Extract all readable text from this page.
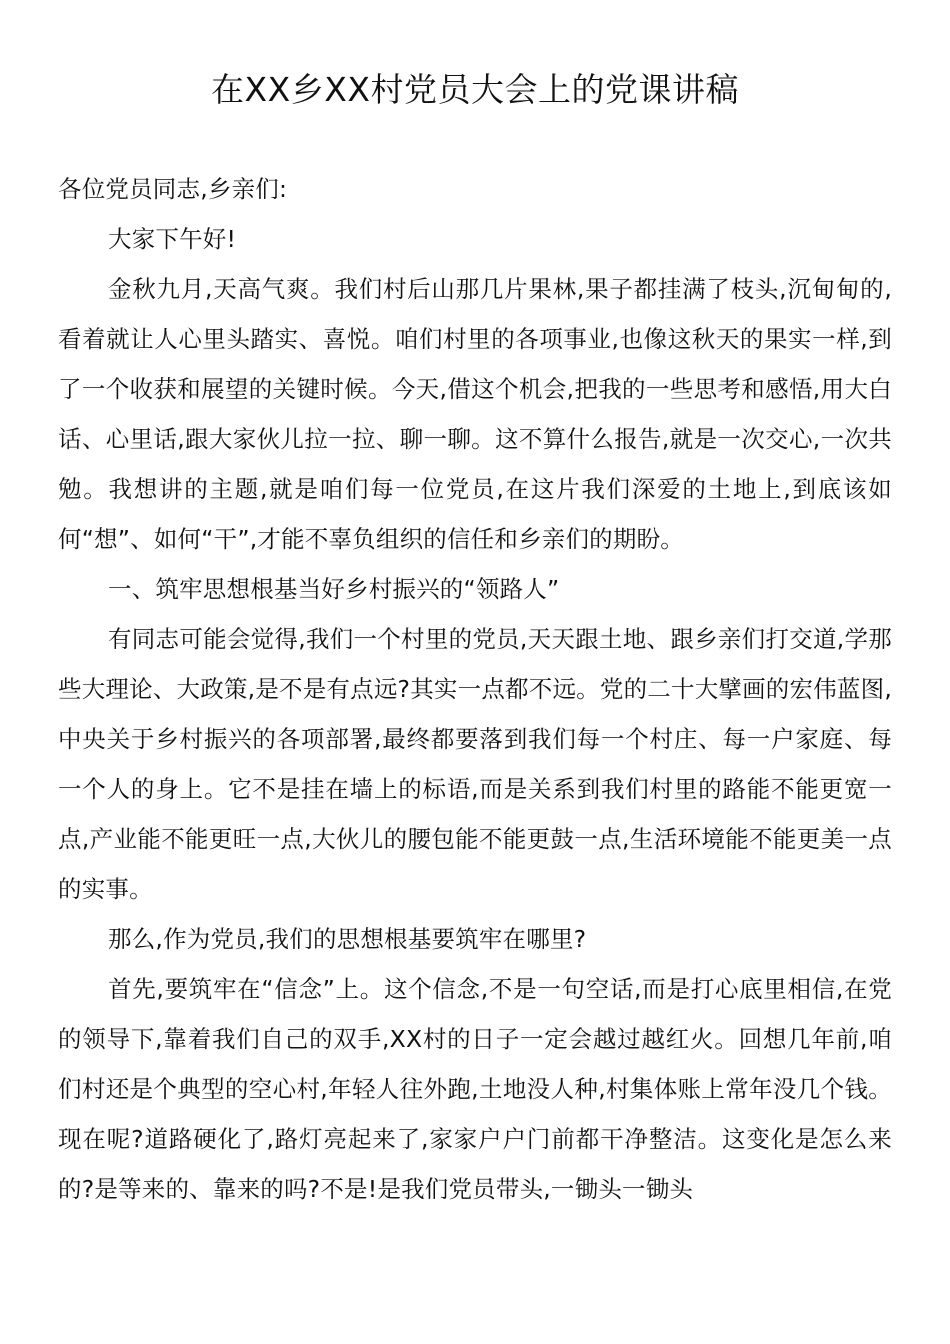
在XX乡XX村党员大会上的党课讲稿

各位党员同志,乡亲们:

大家下午好!

金秋九月,天高气爽。我们村后山那几片果林,果子都挂满了枝头,沉甸甸的,看着就让人心里头踏实、喜悦。咱们村里的各项事业,也像这秋天的果实一样,到了一个收获和展望的关键时候。今天,借这个机会,把我的一些思考和感悟,用大白话、心里话,跟大家伙儿拉一拉、聊一聊。这不算什么报告,就是一次交心,一次共勉。我想讲的主题,就是咱们每一位党员,在这片我们深爱的土地上,到底该如何“想”、如何“干”,才能不辜负组织的信任和乡亲们的期盼。

一、筑牢思想根基当好乡村振兴的“领路人”

有同志可能会觉得,我们一个村里的党员,天天跟土地、跟乡亲们打交道,学那些大理论、大政策,是不是有点远?其实一点都不远。党的二十大擘画的宏伟蓝图,中央关于乡村振兴的各项部署,最终都要落到我们每一个村庄、每一户家庭、每一个人的身上。它不是挂在墙上的标语,而是关系到我们村里的路能不能更宽一点,产业能不能更旺一点,大伙儿的腰包能不能更鼓一点,生活环境能不能更美一点的实事。

那么,作为党员,我们的思想根基要筑牢在哪里?

首先,要筑牢在“信念”上。这个信念,不是一句空话,而是打心底里相信,在党的领导下,靠着我们自己的双手,XX村的日子一定会越过越红火。回想几年前,咱们村还是个典型的空心村,年轻人往外跑,土地没人种,村集体账上常年没几个钱。现在呢?道路硬化了,路灯亮起来了,家家户户门前都干净整洁。这变化是怎么来的?是等来的、靠来的吗?不是!是我们党员带头,一锄头一锄头
